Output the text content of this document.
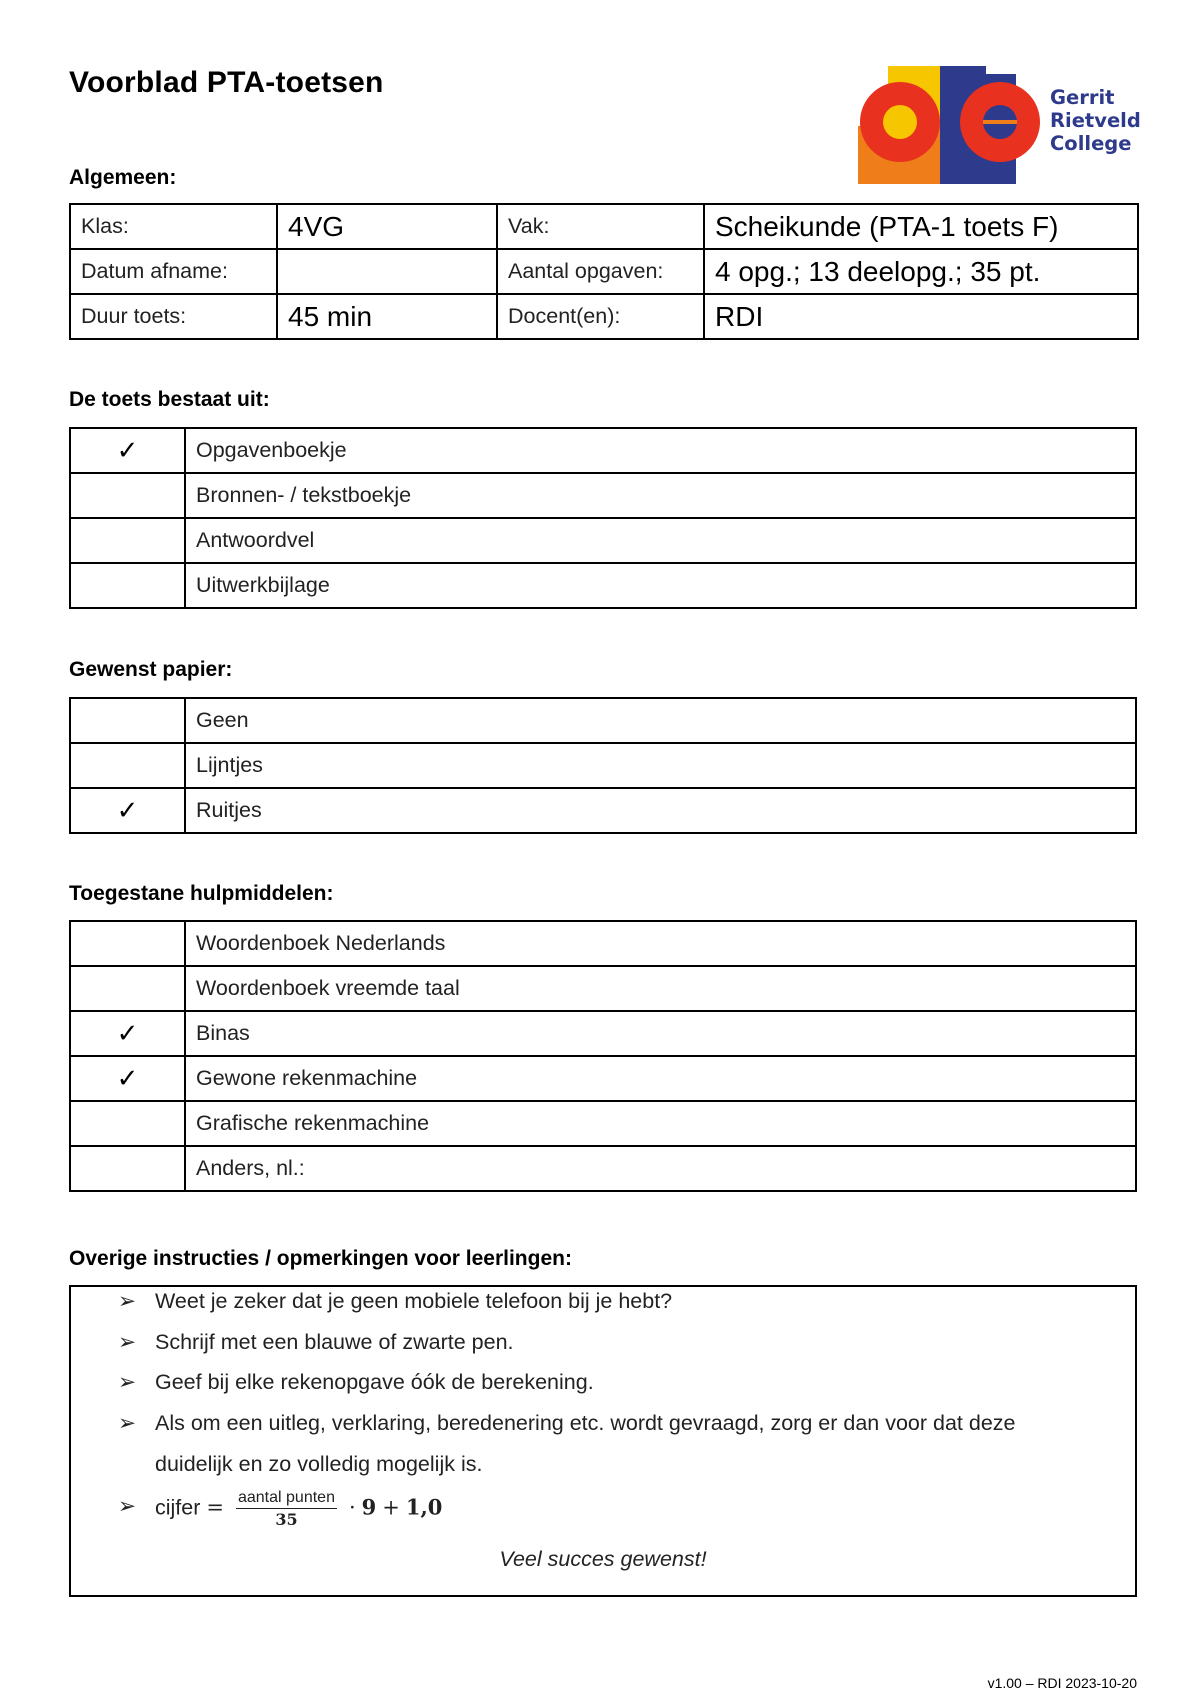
Voorblad PTA-toetsen	Gerrit
Rietveld
College
Algemeen:
Klas:	4VG	Vak:	Scheikunde (PTA-1 toets F)
Datum afname:		Aantal opgaven:	4 opg.; 13 deelopg.; 35 pt.
Duur toets:	45 min	Docent(en):	RDI
De toets bestaat uit:
✓	Opgavenboekje
	Bronnen- / tekstboekje
	Antwoordvel
	Uitwerkbijlage
Gewenst papier:
	Geen
	Lijntjes
✓	Ruitjes
Toegestane hulpmiddelen:
	Woordenboek Nederlands
	Woordenboek vreemde taal
✓	Binas
✓	Gewone rekenmachine
	Grafische rekenmachine
	Anders, nl.:
Overige instructies / opmerkingen voor leerlingen:
➢ Weet je zeker dat je geen mobiele telefoon bij je hebt?
➢ Schrijf met een blauwe of zwarte pen.
➢ Geef bij elke rekenopgave óók de berekening.
➢ Als om een uitleg, verklaring, beredenering etc. wordt gevraagd, zorg er dan voor dat deze
duidelijk en zo volledig mogelijk is.
➢ cijfer = $\frac{\text{aantal punten}}{35} \cdot 9 + 1,0$
Veel succes gewenst!
v1.00 – RDI 2023-10-20
